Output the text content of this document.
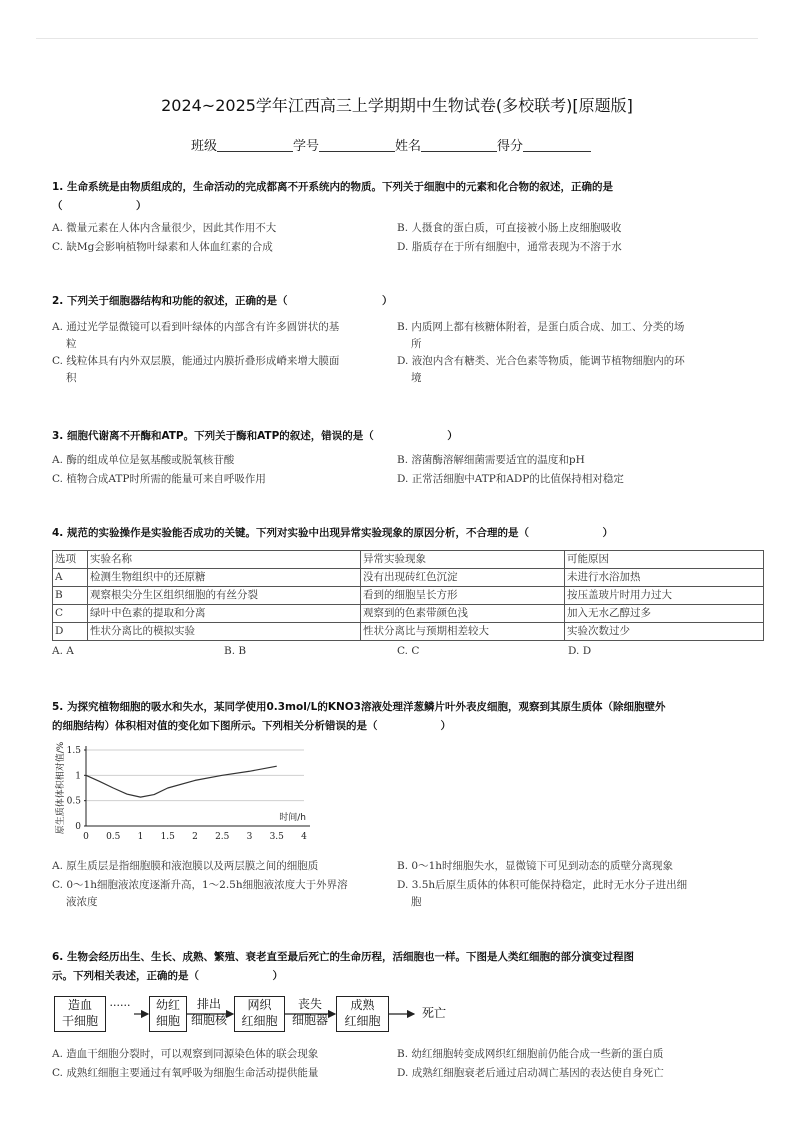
2024~2025学年江西高三上学期期中生物试卷(多校联考)[原题版]
班级	学号	姓名	得分
1. 生命系统是由物质组成的，生命活动的完成都离不开系统内的物质。下列关于细胞中的元素和化合物的叙述，正确的是
（　　　　　　　）
A. 微量元素在人体内含量很少，因此其作用不大	B. 人摄食的蛋白质，可直接被小肠上皮细胞吸收
C. 缺Mg会影响植物叶绿素和人体血红素的合成	D. 脂质存在于所有细胞中，通常表现为不溶于水
2. 下列关于细胞器结构和功能的叙述，正确的是（　　　　　　　　　）
A. 通过光学显微镜可以看到叶绿体的内部含有许多圆饼状的基
粒
B. 内质网上都有核糖体附着，是蛋白质合成、加工、分类的场
所
C. 线粒体具有内外双层膜，能通过内膜折叠形成嵴来增大膜面
积
D. 液泡内含有糖类、光合色素等物质，能调节植物细胞内的环
境
3. 细胞代谢离不开酶和ATP。下列关于酶和ATP的叙述，错误的是（　　　　　　　）
A. 酶的组成单位是氨基酸或脱氧核苷酸	B. 溶菌酶溶解细菌需要适宜的温度和pH
C. 植物合成ATP时所需的能量可来自呼吸作用	D. 正常活细胞中ATP和ADP的比值保持相对稳定
4. 规范的实验操作是实验能否成功的关键。下列对实验中出现异常实验现象的原因分析，不合理的是（　　　　　　　）
选项	实验名称	异常实验现象	可能原因
A	检测生物组织中的还原糖	没有出现砖红色沉淀	未进行水浴加热
B	观察根尖分生区组织细胞的有丝分裂	看到的细胞呈长方形	按压盖玻片时用力过大
C	绿叶中色素的提取和分离	观察到的色素带颜色浅	加入无水乙醇过多
D	性状分离比的模拟实验	性状分离比与预期相差较大	实验次数过少
A. A	B. B	C. C	D. D
5. 为探究植物细胞的吸水和失水，某同学使用0.3mol/L的KNO3溶液处理洋葱鳞片叶外表皮细胞，观察到其原生质体（除细胞壁外
的细胞结构）体积相对值的变化如下图所示。下列相关分析错误的是（　　　　　　）
0
0.5
1
1.5
0 0.5 1 1.5 2 2.5 3 3.5 4
时间/h
原生质体体积相对值/%
A. 原生质层是指细胞膜和液泡膜以及两层膜之间的细胞质	B. 0～1h时细胞失水，显微镜下可见到动态的质壁分离现象
C. 0～1h细胞液浓度逐渐升高，1～2.5h细胞液浓度大于外界溶
液浓度
D. 3.5h后原生质体的体积可能保持稳定，此时无水分子进出细
胞
6. 生物会经历出生、生长、成熟、繁殖、衰老直至最后死亡的生命历程，活细胞也一样。下图是人类红细胞的部分演变过程图
示。下列相关表述，正确的是（　　　　　　　）
造血
干细胞
······	幼红
细胞
排出
细胞核
网织
红细胞
丧失
细胞器
成熟
红细胞
死亡
A. 造血干细胞分裂时，可以观察到同源染色体的联会现象	B. 幼红细胞转变成网织红细胞前仍能合成一些新的蛋白质
C. 成熟红细胞主要通过有氧呼吸为细胞生命活动提供能量	D. 成熟红细胞衰老后通过启动凋亡基因的表达使自身死亡
